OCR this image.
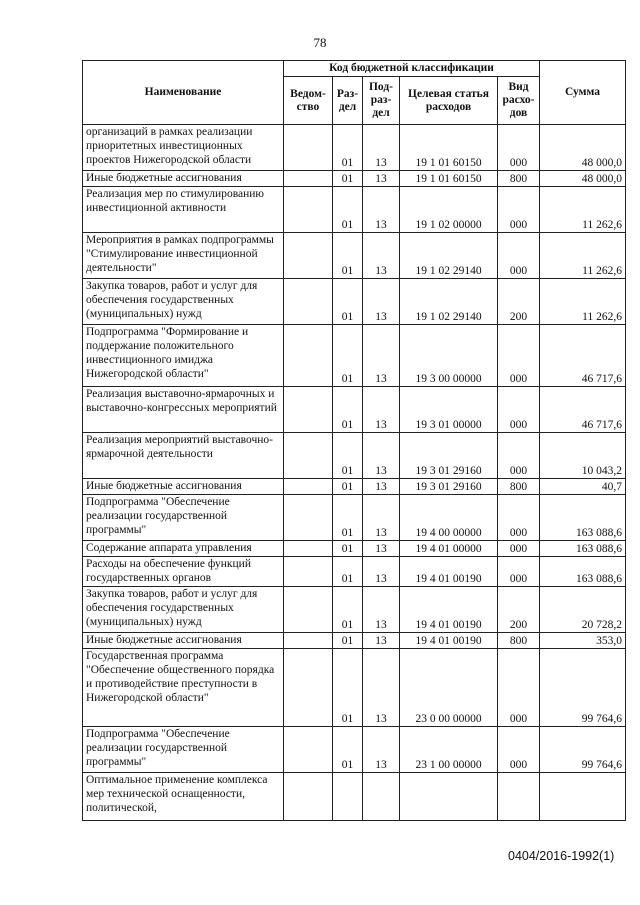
78
Наименование	Код бюджетной классификации					Сумма
	Ведом- ство	Раз- дел	Под- раз- дел	Целевая статья расходов	Вид расхо- дов	
организаций в рамках реализации приоритетных инвестиционных проектов Нижегородской области		01	13	19 1 01 60150	000	48 000,0
Иные бюджетные ассигнования		01	13	19 1 01 60150	800	48 000,0
Реализация мер по стимулированию инвестиционной активности		01	13	19 1 02 00000	000	11 262,6
Мероприятия в рамках подпрограммы "Стимулирование инвестиционной деятельности"		01	13	19 1 02 29140	000	11 262,6
Закупка товаров, работ и услуг для обеспечения государственных (муниципальных) нужд		01	13	19 1 02 29140	200	11 262,6
Подпрограмма "Формирование и поддержание положительного инвестиционного имиджа Нижегородской области"		01	13	19 3 00 00000	000	46 717,6
Реализация выставочно-ярмарочных и выставочно-конгрессных мероприятий		01	13	19 3 01 00000	000	46 717,6
Реализация мероприятий выставочно-ярмарочной деятельности		01	13	19 3 01 29160	000	10 043,2
Иные бюджетные ассигнования		01	13	19 3 01 29160	800	40,7
Подпрограмма "Обеспечение реализации государственной программы"		01	13	19 4 00 00000	000	163 088,6
Содержание аппарата управления		01	13	19 4 01 00000	000	163 088,6
Расходы на обеспечение функций государственных органов		01	13	19 4 01 00190	000	163 088,6
Закупка товаров, работ и услуг для обеспечения государственных (муниципальных) нужд		01	13	19 4 01 00190	200	20 728,2
Иные бюджетные ассигнования		01	13	19 4 01 00190	800	353,0
Государственная программа "Обеспечение общественного порядка и противодействие преступности в Нижегородской области"		01	13	23 0 00 00000	000	99 764,6
Подпрограмма "Обеспечение реализации государственной программы"		01	13	23 1 00 00000	000	99 764,6
Оптимальное применение комплекса мер технической оснащенности, политической,						
0404/2016-1992(1)
